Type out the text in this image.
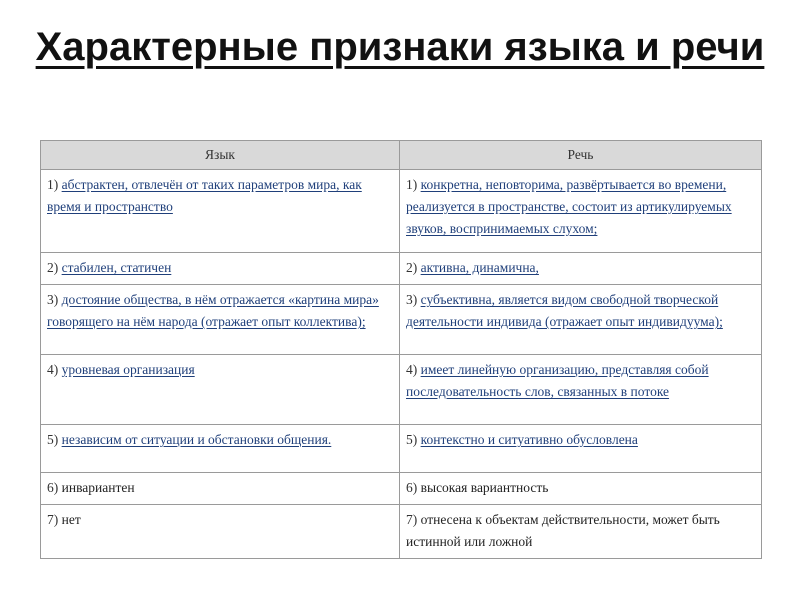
Характерные признаки языка и речи
Язык	Речь
1) абстрактен, отвлечён от таких параметров мира, как время и пространство	1) конкретна, неповторима, развёртывается во времени, реализуется в пространстве, состоит из артикулируемых звуков, воспринимаемых слухом;
2) стабилен, статичен	2) активна, динамична,
3) достояние общества, в нём отражается «картина мира» говорящего на нём народа (отражает опыт коллектива);	3) субъективна, является видом свободной творческой деятельности индивида (отражает опыт индивидуума);
4) уровневая организация	4) имеет линейную организацию, представляя собой последовательность слов, связанных в потоке
5) независим от ситуации и обстановки общения.	5) контекстно и ситуативно обусловлена
6) инвариантен	6) высокая вариантность
7) нет	7) отнесена к объектам действительности, может быть истинной или ложной
